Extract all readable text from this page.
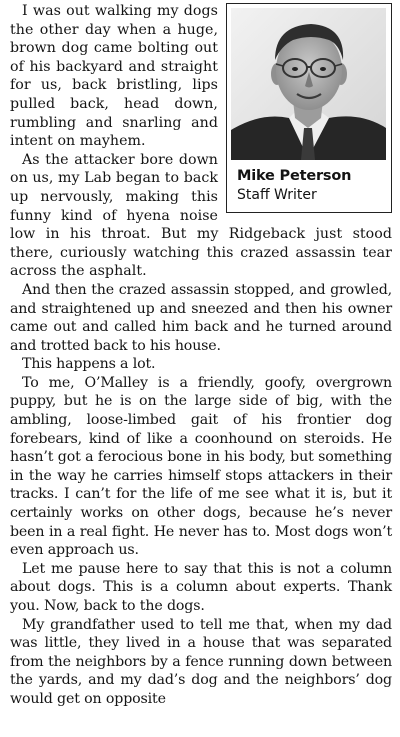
Mike Peterson
Staff Writer

I was out walking my dogs the other day when a huge, brown dog came bolting out of his backyard and straight for us, back bristling, lips pulled back, head down, rumbling and snarling and intent on mayhem.

As the attacker bore down on us, my Lab began to back up nervously, making this funny kind of hyena noise low in his throat. But my Ridgeback just stood there, curiously watching this crazed assassin tear across the asphalt.

And then the crazed assassin stopped, and growled, and straightened up and sneezed and then his owner came out and called him back and he turned around and trotted back to his house.

This happens a lot.

To me, O’Malley is a friendly, goofy, overgrown puppy, but he is on the large side of big, with the ambling, loose-limbed gait of his frontier dog forebears, kind of like a coonhound on steroids. He hasn’t got a ferocious bone in his body, but something in the way he carries himself stops attackers in their tracks. I can’t for the life of me see what it is, but it certainly works on other dogs, because he’s never been in a real fight. He never has to. Most dogs won’t even approach us.

Let me pause here to say that this is not a column about dogs. This is a column about experts. Thank you. Now, back to the dogs.

My grandfather used to tell me that, when my dad was little, they lived in a house that was separated from the neighbors by a fence running down between the yards, and my dad’s dog and the neighbors’ dog would get on opposite
